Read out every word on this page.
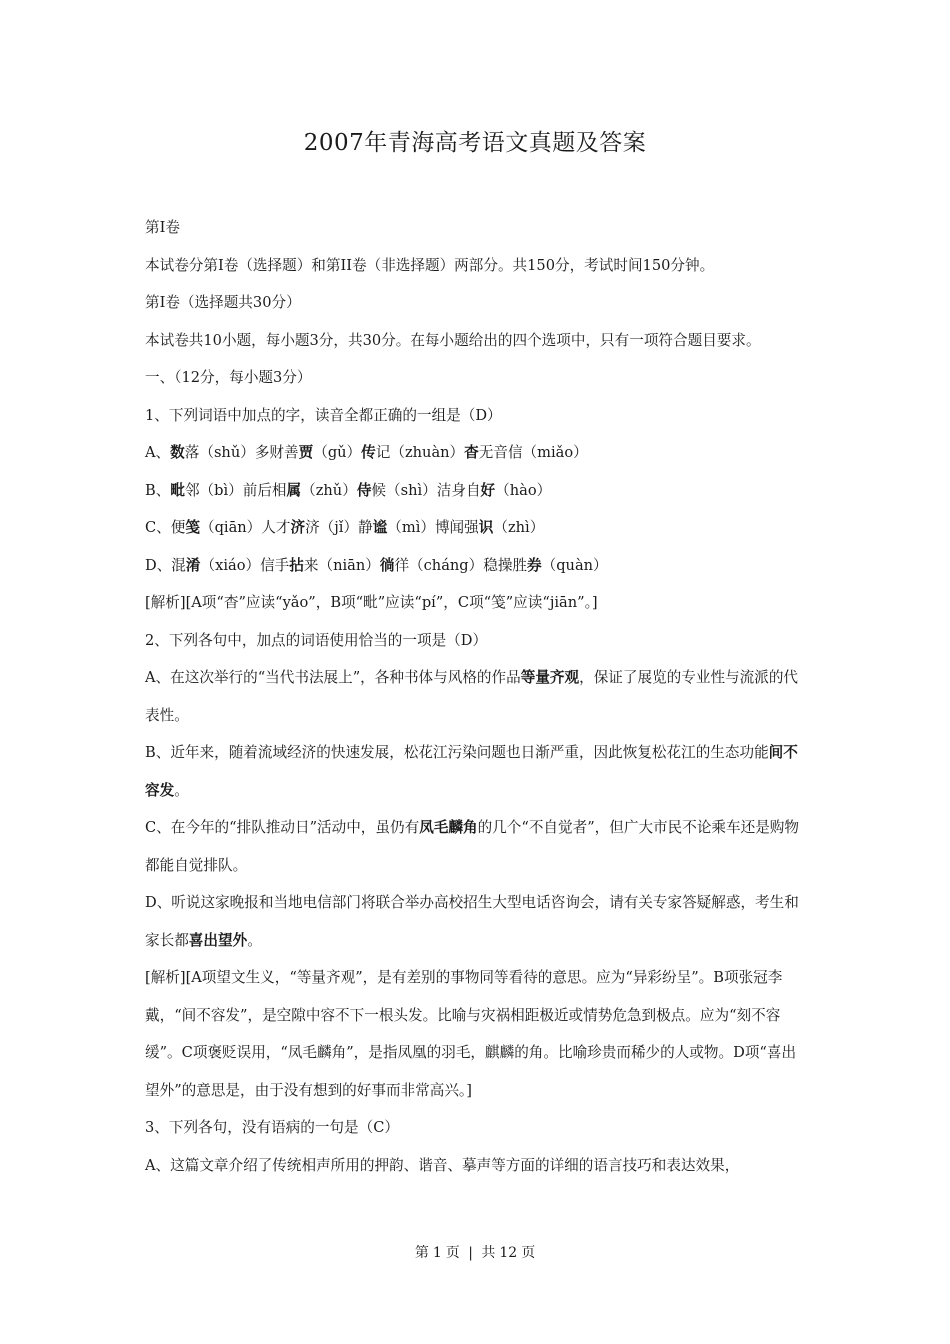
2007年青海高考语文真题及答案

第I卷

本试卷分第I卷（选择题）和第II卷（非选择题）两部分。共150分，考试时间150分钟。

第I卷（选择题共30分）

本试卷共10小题，每小题3分，共30分。在每小题给出的四个选项中，只有一项符合题目要求。

一、（12分，每小题3分）

1、下列词语中加点的字，读音全都正确的一组是（D）

A、数落（shǔ）多财善贾（gǔ）传记（zhuàn）杳无音信（miǎo）

B、毗邻（bì）前后相属（zhǔ）侍候（shì）洁身自好（hào）

C、便笺（qiān）人才济济（jǐ）静谧（mì）博闻强识（zhì）

D、混淆（xiáo）信手拈来（niān）徜徉（cháng）稳操胜券（quàn）

[解析][A项“杳”应读“yǎo”，B项“毗”应读“pí”，C项“笺”应读“jiān”。]

2、下列各句中，加点的词语使用恰当的一项是（D）

A、在这次举行的“当代书法展上”，各种书体与风格的作品等量齐观，保证了展览的专业性与流派的代表性。

B、近年来，随着流域经济的快速发展，松花江污染问题也日渐严重，因此恢复松花江的生态功能间不容发。

C、在今年的“排队推动日”活动中，虽仍有凤毛麟角的几个“不自觉者”，但广大市民不论乘车还是购物都能自觉排队。

D、听说这家晚报和当地电信部门将联合举办高校招生大型电话咨询会，请有关专家答疑解惑，考生和家长都喜出望外。

[解析][A项望文生义，“等量齐观”，是有差别的事物同等看待的意思。应为“异彩纷呈”。B项张冠李戴，“间不容发”，是空隙中容不下一根头发。比喻与灾祸相距极近或情势危急到极点。应为“刻不容缓”。C项褒贬误用，“凤毛麟角”，是指凤凰的羽毛，麒麟的角。比喻珍贵而稀少的人或物。D项“喜出望外”的意思是，由于没有想到的好事而非常高兴。]

3、下列各句，没有语病的一句是（C）

A、这篇文章介绍了传统相声所用的押韵、谐音、摹声等方面的详细的语言技巧和表达效果，

第 1 页 | 共 12 页
